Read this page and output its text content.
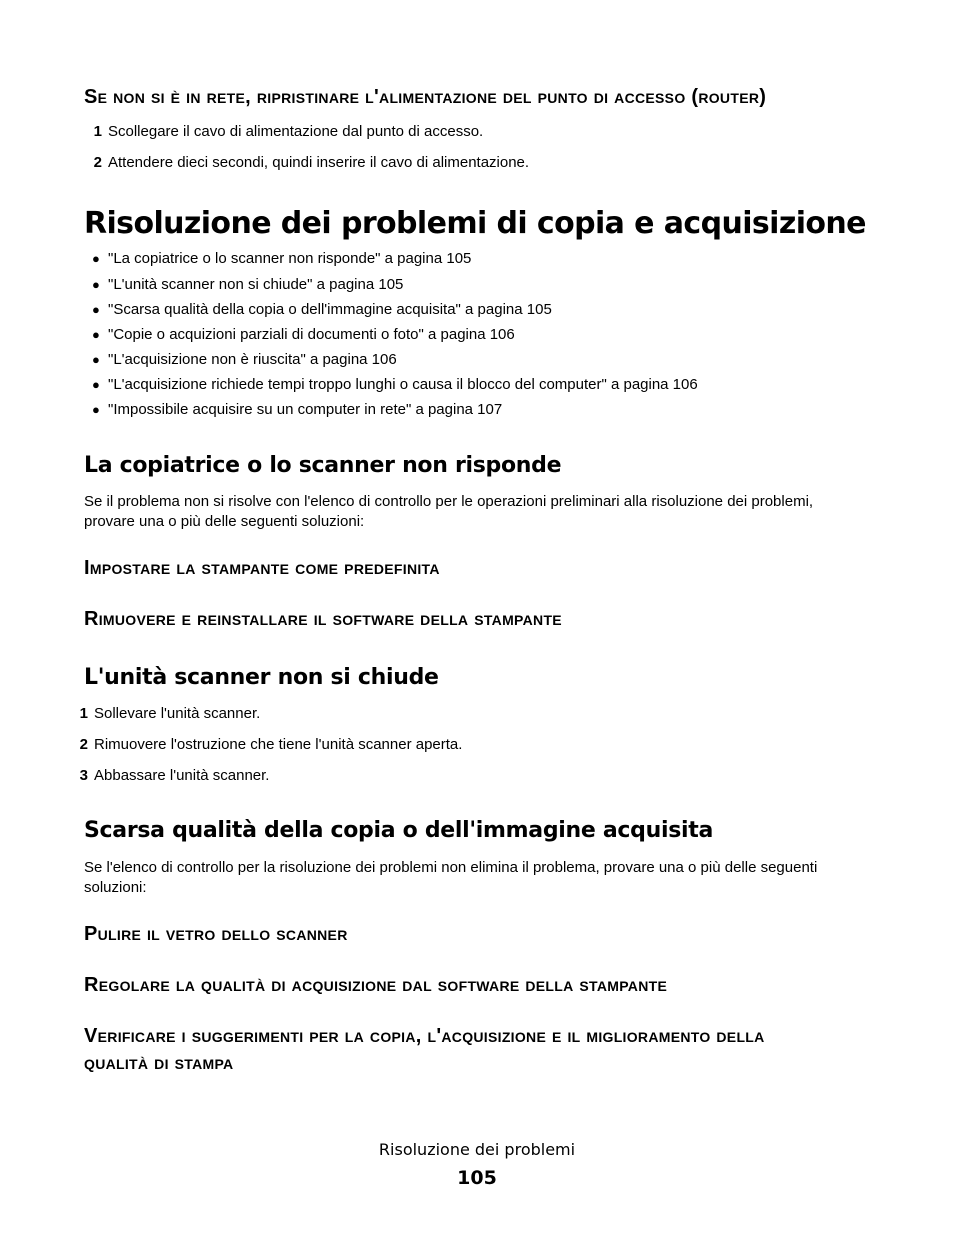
Se non si è in rete, ripristinare l'alimentazione del punto di accesso (router)
1 Scollegare il cavo di alimentazione dal punto di accesso.
2 Attendere dieci secondi, quindi inserire il cavo di alimentazione.
Risoluzione dei problemi di copia e acquisizione
● "La copiatrice o lo scanner non risponde" a pagina 105
● "L'unità scanner non si chiude" a pagina 105
● "Scarsa qualità della copia o dell'immagine acquisita" a pagina 105
● "Copie o acquizioni parziali di documenti o foto" a pagina 106
● "L'acquisizione non è riuscita" a pagina 106
● "L'acquisizione richiede tempi troppo lunghi o causa il blocco del computer" a pagina 106
● "Impossibile acquisire su un computer in rete" a pagina 107
La copiatrice o lo scanner non risponde
Se il problema non si risolve con l'elenco di controllo per le operazioni preliminari alla risoluzione dei problemi, provare una o più delle seguenti soluzioni:
Impostare la stampante come predefinita
Rimuovere e reinstallare il software della stampante
L'unità scanner non si chiude
1 Sollevare l'unità scanner.
2 Rimuovere l'ostruzione che tiene l'unità scanner aperta.
3 Abbassare l'unità scanner.
Scarsa qualità della copia o dell'immagine acquisita
Se l'elenco di controllo per la risoluzione dei problemi non elimina il problema, provare una o più delle seguenti soluzioni:
Pulire il vetro dello scanner
Regolare la qualità di acquisizione dal software della stampante
Verificare i suggerimenti per la copia, l'acquisizione e il miglioramento della
qualità di stampa
Risoluzione dei problemi
105
